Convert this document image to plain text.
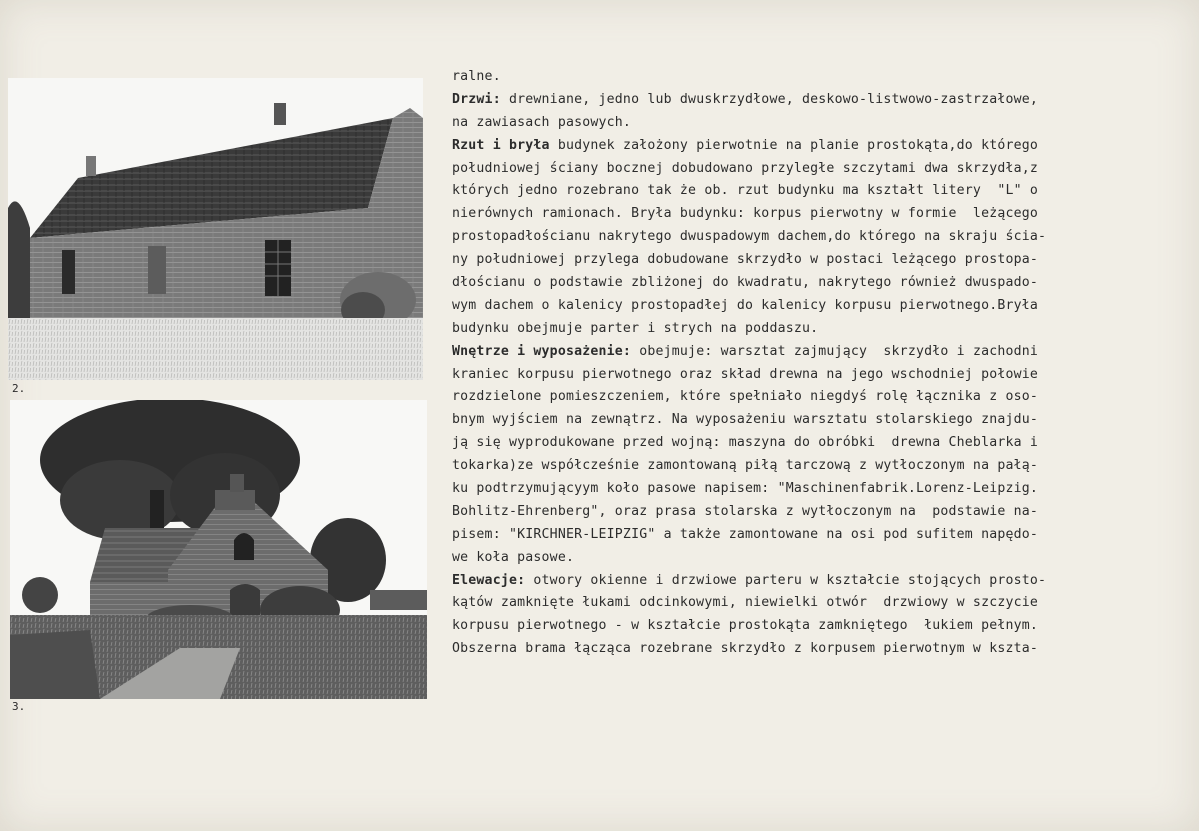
2.
3.
ralne.
Drzwi: drewniane, jedno lub dwuskrzydłowe, deskowo-listwowo-zastrzałowe,
na zawiasach pasowych.
Rzut i bryła budynek założony pierwotnie na planie prostokąta,do którego
południowej ściany bocznej dobudowano przyległe szczytami dwa skrzydła,z
których jedno rozebrano tak że ob. rzut budynku ma kształt litery  "L" o
nierównych ramionach. Bryła budynku: korpus pierwotny w formie  leżącego
prostopadłościanu nakrytego dwuspadowym dachem,do którego na skraju ścia-
ny południowej przylega dobudowane skrzydło w postaci leżącego prostopa-
dłościanu o podstawie zbliżonej do kwadratu, nakrytego również dwuspado-
wym dachem o kalenicy prostopadłej do kalenicy korpusu pierwotnego.Bryła
budynku obejmuje parter i strych na poddaszu.
Wnętrze i wyposażenie: obejmuje: warsztat zajmujący  skrzydło i zachodni
kraniec korpusu pierwotnego oraz skład drewna na jego wschodniej połowie
rozdzielone pomieszczeniem, które spełniało niegdyś rolę łącznika z oso-
bnym wyjściem na zewnątrz. Na wyposażeniu warsztatu stolarskiego znajdu-
ją się wyprodukowane przed wojną: maszyna do obróbki  drewna Cheblarka i
tokarka)ze współcześnie zamontowaną piłą tarczową z wytłoczonym na pałą-
ku podtrzymującyym koło pasowe napisem: "Maschinenfabrik.Lorenz-Leipzig.
Bohlitz-Ehrenberg", oraz prasa stolarska z wytłoczonym na  podstawie na-
pisem: "KIRCHNER-LEIPZIG" a także zamontowane na osi pod sufitem napędo-
we koła pasowe.
Elewacje: otwory okienne i drzwiowe parteru w kształcie stojących prosto-
kątów zamknięte łukami odcinkowymi, niewielki otwór  drzwiowy w szczycie
korpusu pierwotnego - w kształcie prostokąta zamkniętego  łukiem pełnym.
Obszerna brama łącząca rozebrane skrzydło z korpusem pierwotnym w kszta-
